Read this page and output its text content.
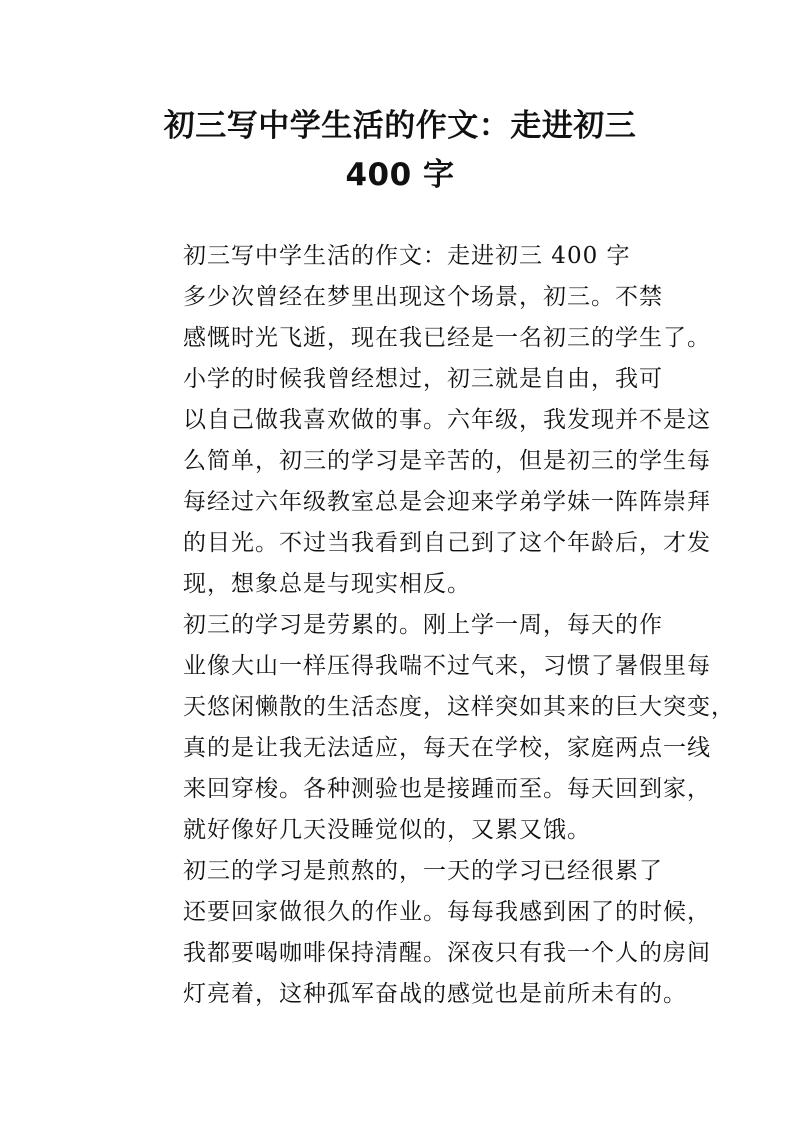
初三写中学生活的作文：走进初三
400 字

初三写中学生活的作文：走进初三 400 字

多少次曾经在梦里出现这个场景，初三。不禁
感慨时光飞逝，现在我已经是一名初三的学生了。

小学的时候我曾经想过，初三就是自由，我可
以自己做我喜欢做的事。六年级，我发现并不是这
么简单，初三的学习是辛苦的，但是初三的学生每
每经过六年级教室总是会迎来学弟学妹一阵阵崇拜
的目光。不过当我看到自己到了这个年龄后，才发
现，想象总是与现实相反。

初三的学习是劳累的。刚上学一周，每天的作
业像大山一样压得我喘不过气来，习惯了暑假里每
天悠闲懒散的生活态度，这样突如其来的巨大突变，
真的是让我无法适应，每天在学校，家庭两点一线
来回穿梭。各种测验也是接踵而至。每天回到家，
就好像好几天没睡觉似的，又累又饿。

初三的学习是煎熬的，一天的学习已经很累了
还要回家做很久的作业。每每我感到困了的时候，
我都要喝咖啡保持清醒。深夜只有我一个人的房间
灯亮着，这种孤军奋战的感觉也是前所未有的。
